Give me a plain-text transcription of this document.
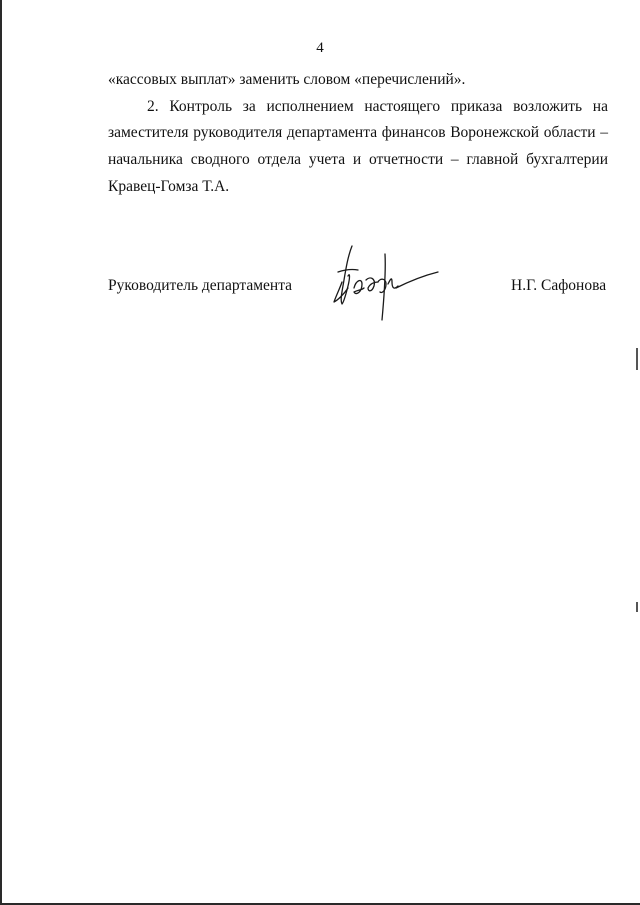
4
«кассовых выплат» заменить словом «перечислений».
2. Контроль за исполнением настоящего приказа возложить на
заместителя руководителя департамента финансов Воронежской области –
начальника сводного отдела учета и отчетности – главной бухгалтерии
Кравец-Гомза Т.А.
Руководитель департамента	Н.Г. Сафонова
